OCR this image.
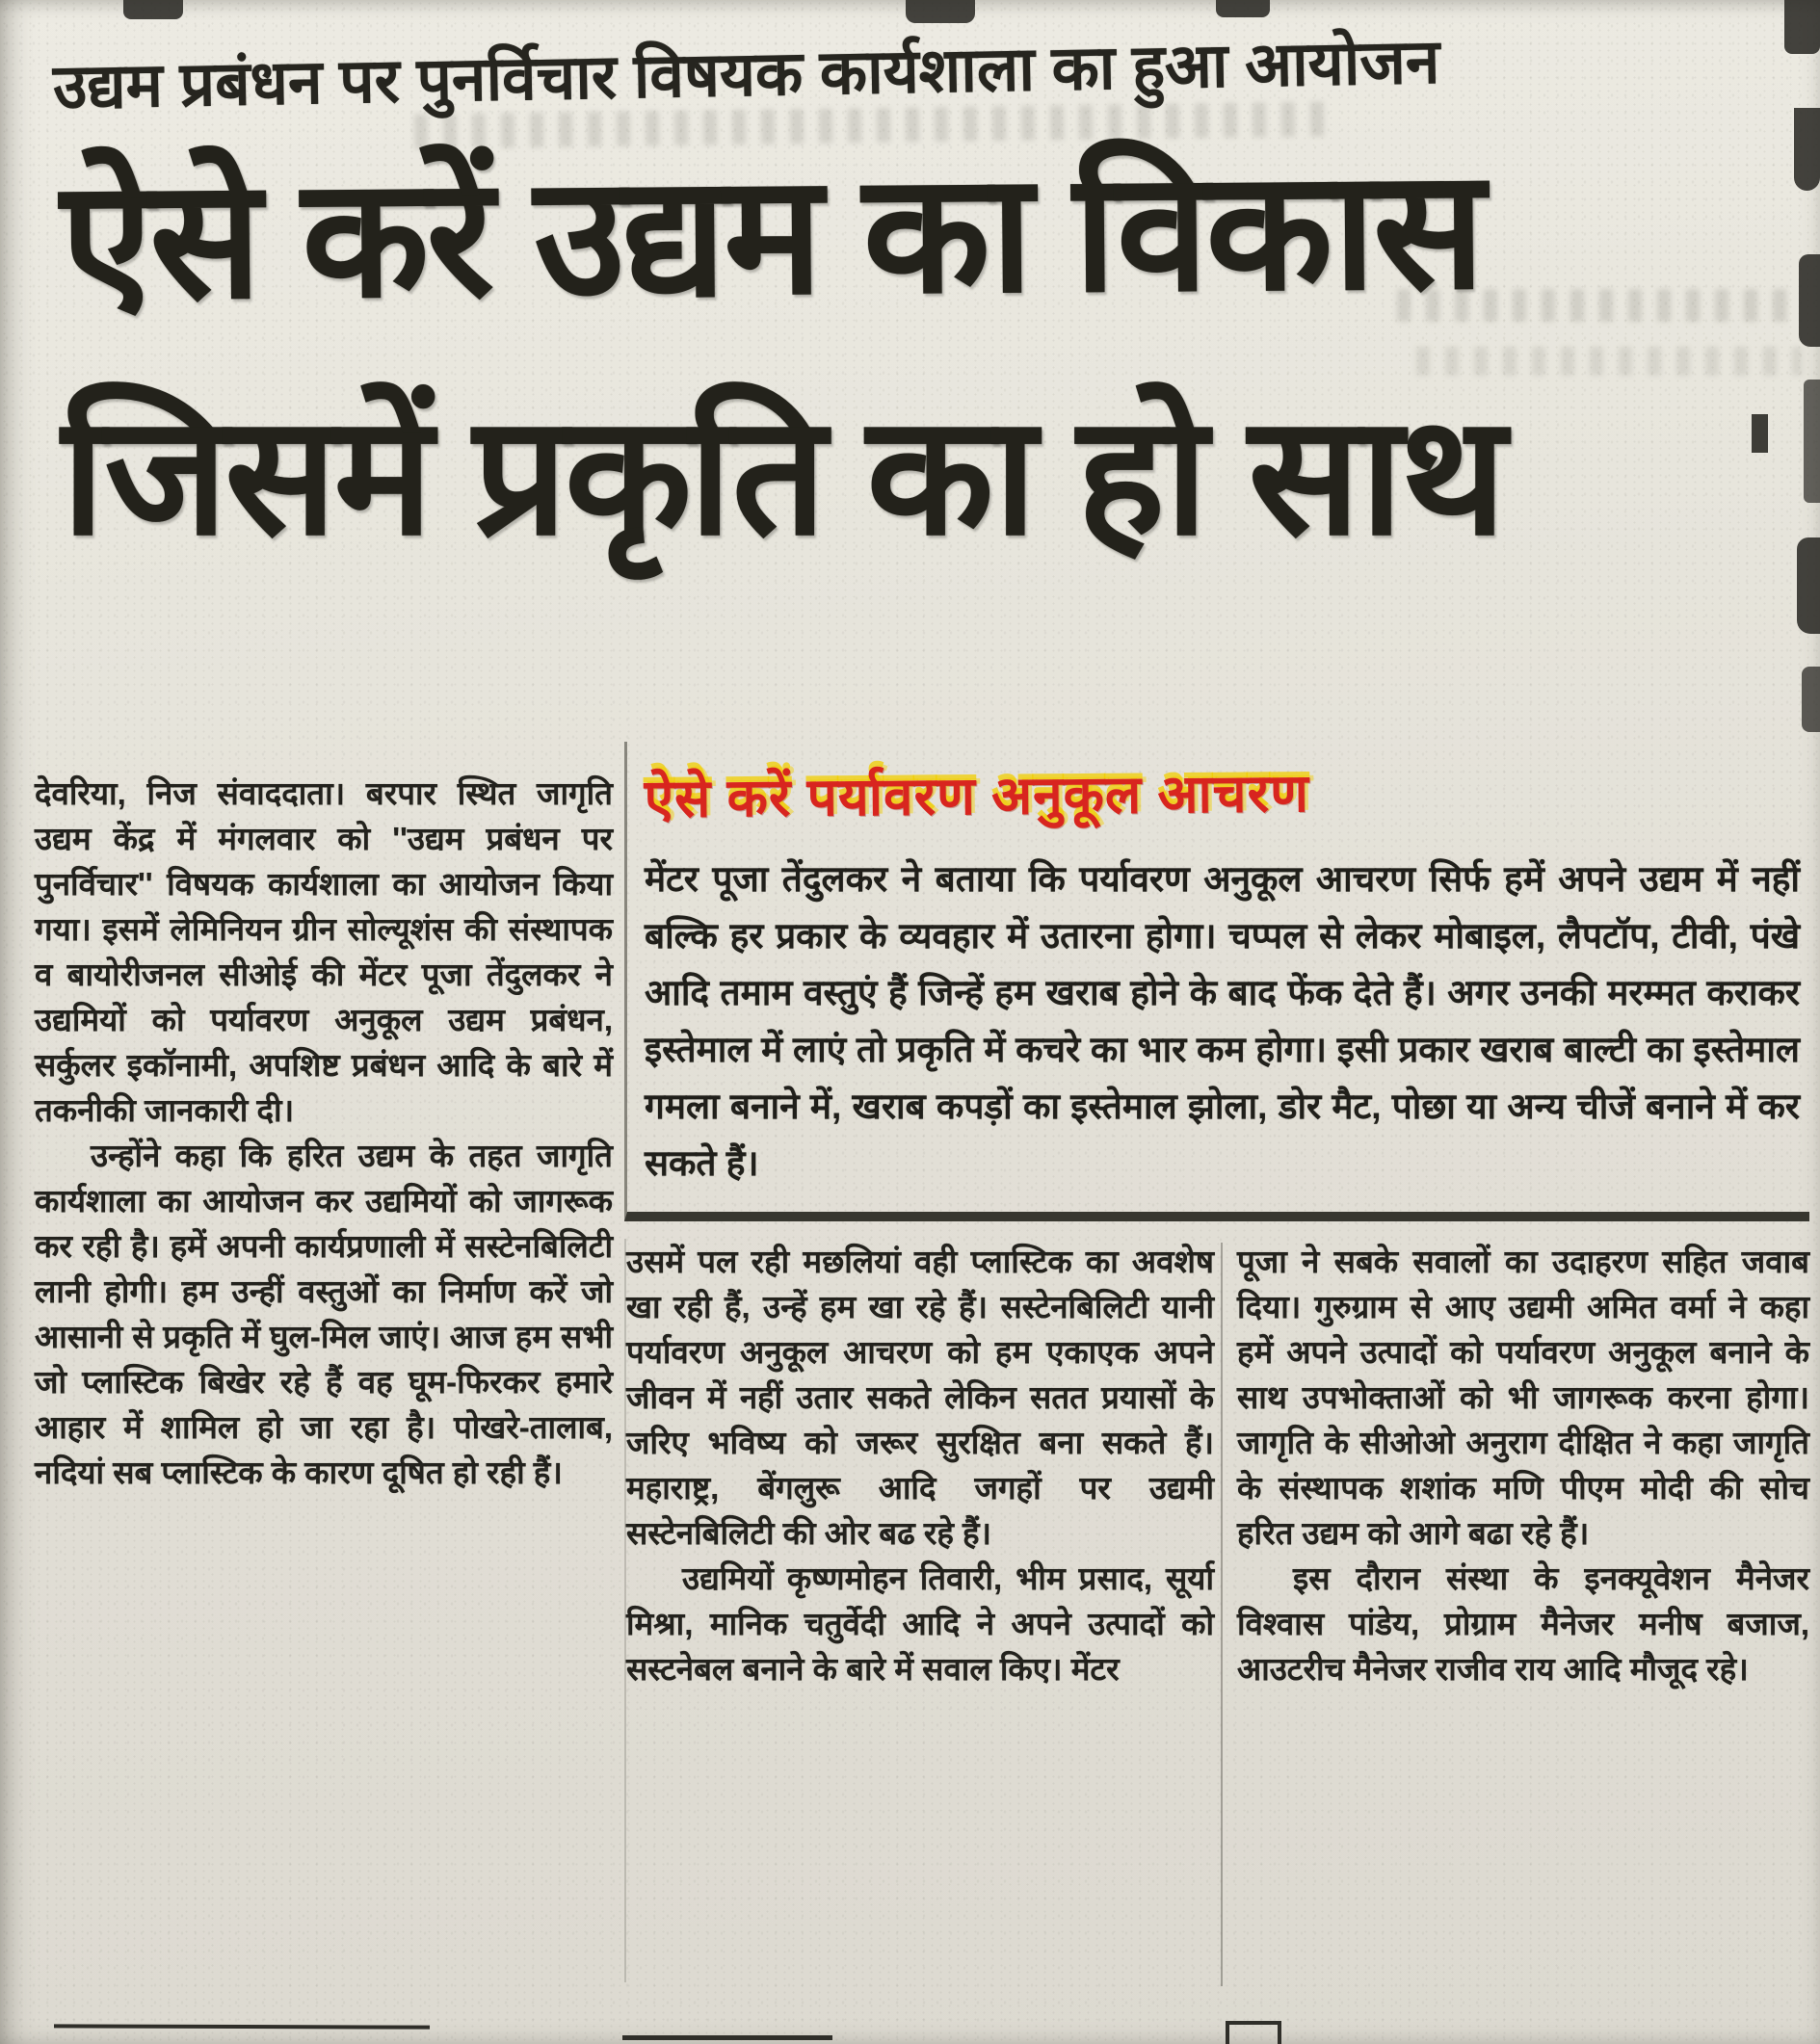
उद्यम प्रबंधन पर पुनर्विचार विषयक कार्यशाला का हुआ आयोजन
ऐसे करें उद्यम का विकास
जिसमें प्रकृति का हो साथ

देवरिया, निज संवाददाता। बरपार स्थित जागृति उद्यम केंद्र में मंगलवार को ''उद्यम प्रबंधन पर पुनर्विचार'' विषयक कार्यशाला का आयोजन किया गया। इसमें लेमिनियन ग्रीन सोल्यूशंस की संस्थापक व बायोरीजनल सीओई की मेंटर पूजा तेंदुलकर ने उद्यमियों को पर्यावरण अनुकूल उद्यम प्रबंधन, सर्कुलर इकॉनामी, अपशिष्ट प्रबंधन आदि के बारे में तकनीकी जानकारी दी।

उन्होंने कहा कि हरित उद्यम के तहत जागृति कार्यशाला का आयोजन कर उद्यमियों को जागरूक कर रही है। हमें अपनी कार्यप्रणाली में सस्टेनबिलिटी लानी होगी। हम उन्हीं वस्तुओं का निर्माण करें जो आसानी से प्रकृति में घुल-मिल जाएं। आज हम सभी जो प्लास्टिक बिखेर रहे हैं वह घूम-फिरकर हमारे आहार में शामिल हो जा रहा है। पोखरे-तालाब, नदियां सब प्लास्टिक के कारण दूषित हो रही हैं।

ऐसे करें पर्यावरण अनुकूल आचरण
मेंटर पूजा तेंदुलकर ने बताया कि पर्यावरण अनुकूल आचरण सिर्फ हमें अपने उद्यम में नहीं बल्कि हर प्रकार के व्यवहार में उतारना होगा। चप्पल से लेकर मोबाइल, लैपटॉप, टीवी, पंखे आदि तमाम वस्तुएं हैं जिन्हें हम खराब होने के बाद फेंक देते हैं। अगर उनकी मरम्मत कराकर इस्तेमाल में लाएं तो प्रकृति में कचरे का भार कम होगा। इसी प्रकार खराब बाल्टी का इस्तेमाल गमला बनाने में, खराब कपड़ों का इस्तेमाल झोला, डोर मैट, पोछा या अन्य चीजें बनाने में कर सकते हैं।

उसमें पल रही मछलियां वही प्लास्टिक का अवशेष खा रही हैं, उन्हें हम खा रहे हैं। सस्टेनबिलिटी यानी पर्यावरण अनुकूल आचरण को हम एकाएक अपने जीवन में नहीं उतार सकते लेकिन सतत प्रयासों के जरिए भविष्य को जरूर सुरक्षित बना सकते हैं। महाराष्ट्र, बेंगलुरू आदि जगहों पर उद्यमी सस्टेनबिलिटी की ओर बढ रहे हैं।

उद्यमियों कृष्णमोहन तिवारी, भीम प्रसाद, सूर्या मिश्रा, मानिक चतुर्वेदी आदि ने अपने उत्पादों को सस्टनेबल बनाने के बारे में सवाल किए। मेंटर

पूजा ने सबके सवालों का उदाहरण सहित जवाब दिया। गुरुग्राम से आए उद्यमी अमित वर्मा ने कहा हमें अपने उत्पादों को पर्यावरण अनुकूल बनाने के साथ उपभोक्ताओं को भी जागरूक करना होगा। जागृति के सीओओ अनुराग दीक्षित ने कहा जागृति के संस्थापक शशांक मणि पीएम मोदी की सोच हरित उद्यम को आगे बढा रहे हैं।

इस दौरान संस्था के इनक्यूवेशन मैनेजर विश्वास पांडेय, प्रोग्राम मैनेजर मनीष बजाज, आउटरीच मैनेजर राजीव राय आदि मौजूद रहे।
